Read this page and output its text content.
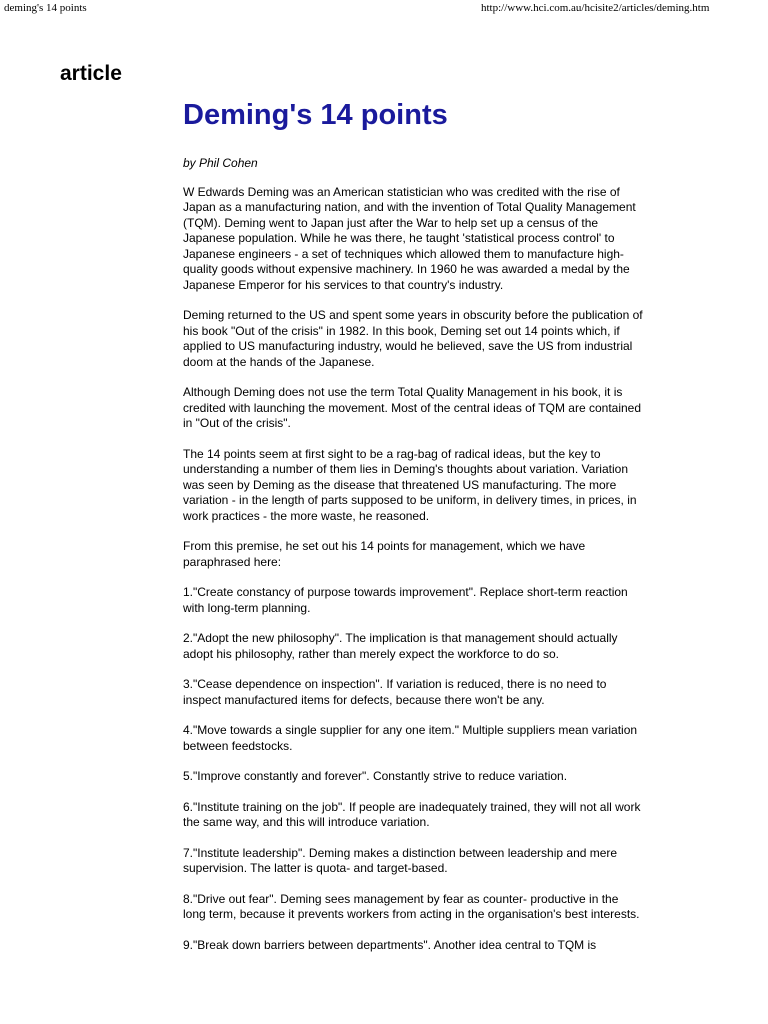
deming's 14 points	http://www.hci.com.au/hcisite2/articles/deming.htm
article
Deming's 14 points

by Phil Cohen

W Edwards Deming was an American statistician who was credited with the rise of Japan as a manufacturing nation, and with the invention of Total Quality Management (TQM). Deming went to Japan just after the War to help set up a census of the Japanese population. While he was there, he taught 'statistical process control' to Japanese engineers - a set of techniques which allowed them to manufacture high-quality goods without expensive machinery. In 1960 he was awarded a medal by the Japanese Emperor for his services to that country's industry.

Deming returned to the US and spent some years in obscurity before the publication of his book "Out of the crisis" in 1982. In this book, Deming set out 14 points which, if applied to US manufacturing industry, would he believed, save the US from industrial doom at the hands of the Japanese.

Although Deming does not use the term Total Quality Management in his book, it is credited with launching the movement. Most of the central ideas of TQM are contained in "Out of the crisis".

The 14 points seem at first sight to be a rag-bag of radical ideas, but the key to understanding a number of them lies in Deming's thoughts about variation. Variation was seen by Deming as the disease that threatened US manufacturing. The more variation - in the length of parts supposed to be uniform, in delivery times, in prices, in work practices - the more waste, he reasoned.

From this premise, he set out his 14 points for management, which we have paraphrased here:

1."Create constancy of purpose towards improvement". Replace short-term reaction with long-term planning.

2."Adopt the new philosophy". The implication is that management should actually adopt his philosophy, rather than merely expect the workforce to do so.

3."Cease dependence on inspection". If variation is reduced, there is no need to inspect manufactured items for defects, because there won't be any.

4."Move towards a single supplier for any one item." Multiple suppliers mean variation between feedstocks.

5."Improve constantly and forever". Constantly strive to reduce variation.

6."Institute training on the job". If people are inadequately trained, they will not all work the same way, and this will introduce variation.

7."Institute leadership". Deming makes a distinction between leadership and mere supervision. The latter is quota- and target-based.

8."Drive out fear". Deming sees management by fear as counter- productive in the long term, because it prevents workers from acting in the organisation's best interests.

9."Break down barriers between departments". Another idea central to TQM is
